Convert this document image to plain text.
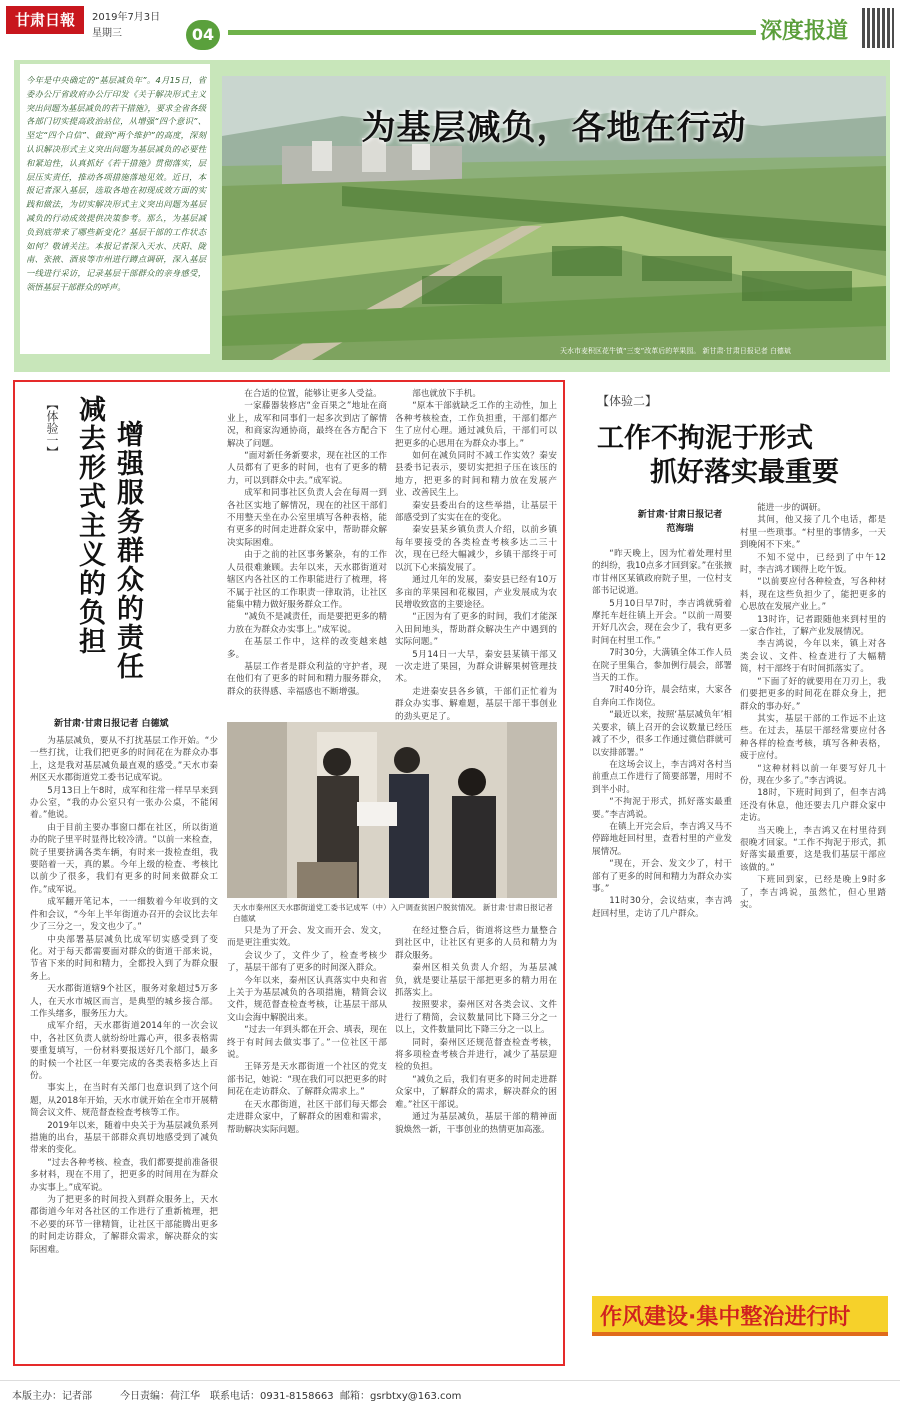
甘肃日報	2019年7月3日
星期三	04	深度报道
今年是中央确定的“基层减负年”。4月15日，省委办公厅省政府办公厅印发《关于解决形式主义突出问题为基层减负的若干措施》，要求全省各级各部门切实提高政治站位，从增强“四个意识”、坚定“四个自信”、做到“两个维护”的高度，深刻认识解决形式主义突出问题为基层减负的必要性和紧迫性，认真抓好《若干措施》贯彻落实，层层压实责任，推动各项措施落地见效。近日，本报记者深入基层，选取各地在初现成效方面的实践和做法，为切实解决形式主义突出问题为基层减负的行动成效提供决策参考。那么，为基层减负到底带来了哪些新变化？基层干部的工作状态如何？敬请关注。本报记者深入天水、庆阳、陇南、张掖、酒泉等市州进行蹲点调研，深入基层一线进行采访，记录基层干部群众的亲身感受，领悟基层干部群众的呼声。
为基层减负，各地在行动
天水市麦积区花牛镇“三变”改革后的苹果园。 新甘肃·甘肃日报记者 白德斌
【体验一】 增强服务群众的责任
减去形式主义的负担
新甘肃·甘肃日报记者 白德斌

为基层减负，要从不打扰基层工作开始。“少一些打扰，让我们把更多的时间花在为群众办事上，这是我对基层减负最直观的感受。”天水市秦州区天水郡街道党工委书记成军说。

5月13日上午8时，成军和往常一样早早来到办公室，“我的办公室只有一张办公桌，不能闲着。”他说。

由于目前主要办事窗口都在社区，所以街道办的院子里平时显得比较冷清。“以前一来检查，院子里要挤满各类车辆，有时来一拨检查组，我要陪着一天，真的累。今年上级的检查、考核比以前少了很多，我们有更多的时间来做群众工作。”成军说。

成军翻开笔记本，一一细数着今年收到的文件和会议，“今年上半年街道办召开的会议比去年少了三分之一，发文也少了。”

中央部署基层减负比成军切实感受到了变化。对于每天都需要面对群众的街道干部来说，节省下来的时间和精力，全都投入到了为群众服务上。

天水郡街道辖9个社区，服务对象超过5万多人，在天水市城区而言，是典型的城乡接合部。工作头绪多，服务压力大。

成军介绍，天水郡街道2014年的一次会议中，各社区负责人就纷纷吐露心声，很多表格需要重复填写，一份材料要报送好几个部门，最多的时候一个社区一年要完成的各类表格多达上百份。

事实上，在当时有关部门也意识到了这个问题，从2018年开始，天水市就开始在全市开展精简会议文件、规范督查检查考核等工作。

2019年以来，随着中央关于为基层减负系列措施的出台，基层干部群众真切地感受到了减负带来的变化。

“过去各种考核、检查，我们都要提前准备很多材料，现在不用了，把更多的时间用在为群众办实事上。”成军说。

为了把更多的时间投入到群众服务上，天水郡街道今年对各社区的工作进行了重新梳理，把不必要的环节一律精简，让社区干部能腾出更多的时间走访群众，了解群众需求，解决群众的实际困难。

在合适的位置，能够让更多人受益。

一家藤器装修店“金百果之”地址在商业上，成军和同事们一起多次到店了解情况，和商家沟通协商，最终在各方配合下解决了问题。

“面对新任务新要求，现在社区的工作人员都有了更多的时间，也有了更多的精力，可以到群众中去。”成军说。

成军和同事社区负责人会在每周一到各社区实地了解情况，现在的社区干部们不用整天坐在办公室里填写各种表格，能有更多的时间走进群众家中，帮助群众解决实际困难。

由于之前的社区事务繁杂，有的工作人员很难兼顾。去年以来，天水郡街道对辖区内各社区的工作职能进行了梳理，将不属于社区的工作职责一律取消，让社区能集中精力做好服务群众工作。

“减负不是减责任，而是要把更多的精力放在为群众办实事上。”成军说。

在基层工作中，这样的改变越来越多。

基层工作者是群众利益的守护者，现在他们有了更多的时间和精力服务群众，群众的获得感、幸福感也不断增强。

部也就放下手机。

“原本干部就缺乏工作的主动性，加上各种考核检查，工作负担重，干部们都产生了应付心理。通过减负后，干部们可以把更多的心思用在为群众办事上。”

如何在减负同时不减工作实效？秦安县委书记表示，要切实把担子压在该压的地方，把更多的时间和精力放在发展产业、改善民生上。

秦安县委出台的这些举措，让基层干部感受到了实实在在的变化。

秦安县某乡镇负责人介绍，以前乡镇每年要接受的各类检查考核多达二三十次，现在已经大幅减少，乡镇干部终于可以沉下心来搞发展了。

通过几年的发展，秦安县已经有10万多亩的苹果园和花椒园，产业发展成为农民增收致富的主要途径。

“正因为有了更多的时间，我们才能深入田间地头，帮助群众解决生产中遇到的实际问题。”

5月14日一大早，秦安县某镇干部又一次走进了果园，为群众讲解果树管理技术。

走进秦安县各乡镇，干部们正忙着为群众办实事、解难题，基层干部干事创业的劲头更足了。

天水市秦州区天水郡街道党工委书记成军（中）入户调查贫困户脱贫情况。 新甘肃·甘肃日报记者 白德斌

只是为了开会、发文而开会、发文，而是更注重实效。

会议少了，文件少了，检查考核少了，基层干部有了更多的时间深入群众。

今年以来，秦州区认真落实中央和省上关于为基层减负的各项措施，精简会议文件，规范督查检查考核，让基层干部从文山会海中解脱出来。

“过去一年到头都在开会、填表，现在终于有时间去做实事了。”一位社区干部说。

王铎芳是天水郡街道一个社区的党支部书记，她说：“现在我们可以把更多的时间花在走访群众、了解群众需求上。”

在天水郡街道，社区干部们每天都会走进群众家中，了解群众的困难和需求，帮助解决实际问题。

在经过整合后，街道将这些力量整合到社区中，让社区有更多的人员和精力为群众服务。

秦州区相关负责人介绍，为基层减负，就是要让基层干部把更多的精力用在抓落实上。

按照要求，秦州区对各类会议、文件进行了精简，会议数量同比下降三分之一以上，文件数量同比下降三分之一以上。

同时，秦州区还规范督查检查考核，将多项检查考核合并进行，减少了基层迎检的负担。

“减负之后，我们有更多的时间走进群众家中，了解群众的需求，解决群众的困难。”社区干部说。

通过为基层减负，基层干部的精神面貌焕然一新，干事创业的热情更加高涨。

【体验二】
工作不拘泥于形式
抓好落实最重要
新甘肃·甘肃日报记者
范海瑞

“昨天晚上，因为忙着处理村里的纠纷，我10点多才回到家。”在张掖市甘州区某镇政府院子里，一位村支部书记说道。

5月10日早7时，李吉鸿就骑着摩托车赶往镇上开会。“以前一周要开好几次会，现在会少了，我有更多时间在村里工作。”

7时30分，大满镇全体工作人员在院子里集合，参加例行晨会，部署当天的工作。

7时40分许，晨会结束，大家各自奔向工作岗位。

“最近以来，按照‘基层减负年’相关要求，镇上召开的会议数量已经压减了不少，很多工作通过微信群就可以安排部署。”

在这场会议上，李吉鸿对各村当前重点工作进行了简要部署，用时不到半小时。

“不拘泥于形式，抓好落实最重要。”李吉鸿说。

在镇上开完会后，李吉鸿又马不停蹄地赶回村里，查看村里的产业发展情况。

“现在，开会、发文少了，村干部有了更多的时间和精力为群众办实事。”

11时30分，会议结束，李吉鸿赶回村里，走访了几户群众。

能进一步的调研。

其间，他又接了几个电话，都是村里一些琐事。“村里的事情多，一天到晚闲不下来。”

不知不觉中，已经到了中午12时，李吉鸿才顾得上吃午饭。

“以前要应付各种检查，写各种材料，现在这些负担少了，能把更多的心思放在发展产业上。”

13时许，记者跟随他来到村里的一家合作社，了解产业发展情况。

李吉鸿说，今年以来，镇上对各类会议、文件、检查进行了大幅精简，村干部终于有时间抓落实了。

“下面了好的就要用在刀刃上，我们要把更多的时间花在群众身上，把群众的事办好。”

其实，基层干部的工作远不止这些。在过去，基层干部经常要应付各种各样的检查考核，填写各种表格，疲于应付。

“这种材料以前一年要写好几十份，现在少多了。”李吉鸿说。

18时，下班时间到了，但李吉鸿还没有休息，他还要去几户群众家中走访。

当天晚上，李吉鸿又在村里待到很晚才回家。“工作不拘泥于形式，抓好落实最重要，这是我们基层干部应该做的。”

下班回到家，已经是晚上9时多了，李吉鸿说，虽然忙，但心里踏实。

作风建设·集中整治进行时
本版主办：记者部	今日责编：荷江华 联系电话：0931-8158663 邮箱：gsrbtxy@163.com
